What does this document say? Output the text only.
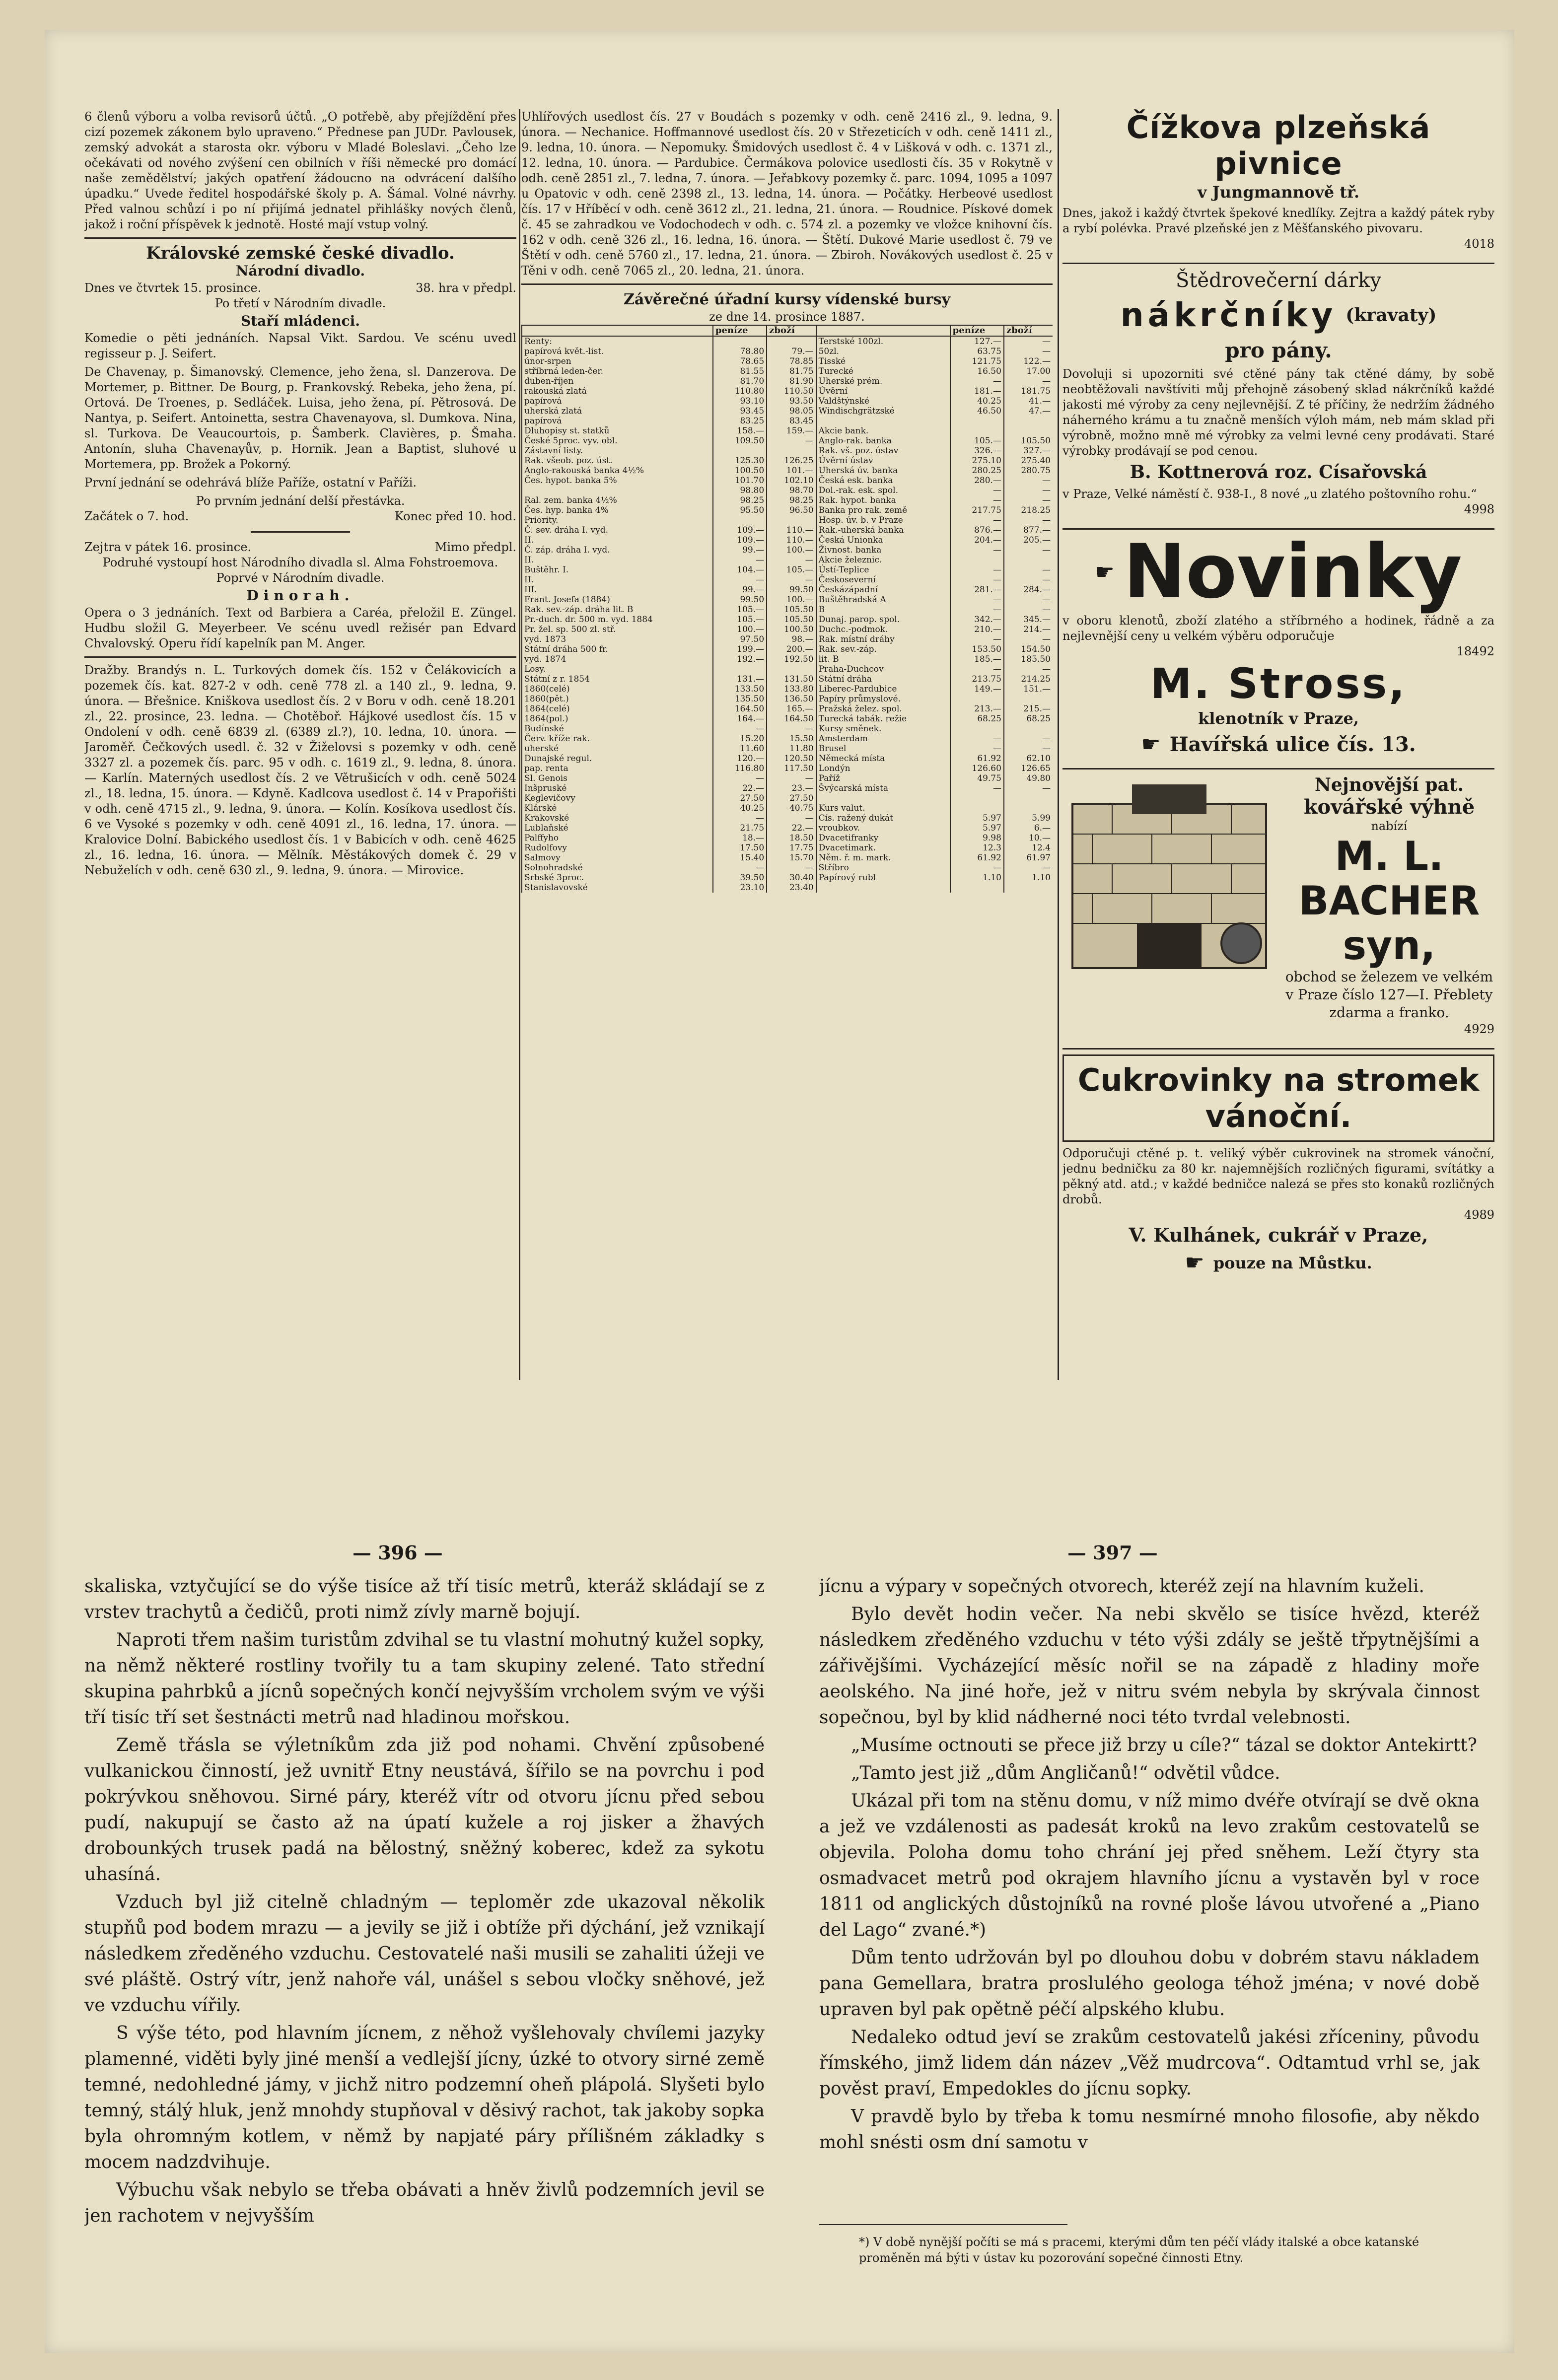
6 členů výboru a volba revisorů účtů. „O potřebě, aby přejíždění přes cizí pozemek zákonem bylo upraveno.“ Přednese pan JUDr. Pavlousek, zemský advokát a starosta okr. výboru v Mladé Boleslavi. „Čeho lze očekávati od nového zvýšení cen obilních v říši německé pro domácí naše zemědělství; jakých opatření žádoucno na odvrácení dalšího úpadku.“ Uvede ředitel hospodářské školy p. A. Šámal. Volné návrhy. Před valnou schůzí i po ní přijímá jednatel přihlášky nových členů, jakož i roční příspěvek k jednotě. Hosté mají vstup volný.

Královské zemské české divadlo.
Národní divadlo.
Dnes ve čtvrtek 15. prosince.	38. hra v předpl.
Po třetí v Národním divadle.
Staří mládenci.

Komedie o pěti jednáních. Napsal Vikt. Sardou. Ve scénu uvedl regisseur p. J. Seifert.

De Chavenay, p. Šimanovský. Clemence, jeho žena, sl. Danzerova. De Mortemer, p. Bittner. De Bourg, p. Frankovský. Rebeka, jeho žena, pí. Ortová. De Troenes, p. Sedláček. Luisa, jeho žena, pí. Pětrosová. De Nantya, p. Seifert. Antoinetta, sestra Chavenayova, sl. Dumkova. Nina, sl. Turkova. De Veaucourtois, p. Šamberk. Clavières, p. Šmaha. Antonín, sluha Chavenayův, p. Hornik. Jean a Baptist, sluhové u Mortemera, pp. Brožek a Pokorný.

První jednání se odehrává blíže Paříže, ostatní v Paříži.

Po prvním jednání delší přestávka.
Začátek o 7. hod.	Konec před 10. hod.
Zejtra v pátek 16. prosince.	Mimo předpl.
Podruhé vystoupí host Národního divadla sl. Alma Fohstroemova.
Poprvé v Národním divadle.
Dinorah.

Opera o 3 jednáních. Text od Barbiera a Caréa, přeložil E. Züngel. Hudbu složil G. Meyerbeer. Ve scénu uvedl režisér pan Edvard Chvalovský. Operu řídí kapelník pan M. Anger.

Dražby. Brandýs n. L. Turkových domek čís. 152 v Čelákovicích a pozemek čís. kat. 827-2 v odh. ceně 778 zl. a 140 zl., 9. ledna, 9. února. — Břešnice. Kniškova usedlost čís. 2 v Boru v odh. ceně 18.201 zl., 22. prosince, 23. ledna. — Chotěboř. Hájkové usedlost čís. 15 v Ondolení v odh. ceně 6839 zl. (6389 zl.?), 10. ledna, 10. února. — Jaroměř. Čečkových usedl. č. 32 v Žiželovsi s pozemky v odh. ceně 3327 zl. a pozemek čís. parc. 95 v odh. c. 1619 zl., 9. ledna, 8. února. — Karlín. Materných usedlost čís. 2 ve Větrušicích v odh. ceně 5024 zl., 18. ledna, 15. února. — Kdyně. Kadlcova usedlost č. 14 v Prapořišti v odh. ceně 4715 zl., 9. ledna, 9. února. — Kolín. Kosíkova usedlost čís. 6 ve Vysoké s pozemky v odh. ceně 4091 zl., 16. ledna, 17. února. — Kralovice Dolní. Babického usedlost čís. 1 v Babicích v odh. ceně 4625 zl., 16. ledna, 16. února. — Mělník. Městákových domek č. 29 v Nebuželích v odh. ceně 630 zl., 9. ledna, 9. února. — Mirovice.

Uhlířových usedlost čís. 27 v Boudách s pozemky v odh. ceně 2416 zl., 9. ledna, 9. února. — Nechanice. Hoffmannové usedlost čís. 20 v Střezeticích v odh. ceně 1411 zl., 9. ledna, 10. února. — Nepomuky. Šmidových usedlost č. 4 v Lišková v odh. c. 1371 zl., 12. ledna, 10. února. — Pardubice. Čermákova polovice usedlosti čís. 35 v Rokytně v odh. ceně 2851 zl., 7. ledna, 7. února. — Jeřabkovy pozemky č. parc. 1094, 1095 a 1097 u Opatovic v odh. ceně 2398 zl., 13. ledna, 14. února. — Počátky. Herbeové usedlost čís. 17 v Hříběcí v odh. ceně 3612 zl., 21. ledna, 21. února. — Roudnice. Pískové domek č. 45 se zahradkou ve Vodochodech v odh. c. 574 zl. a pozemky ve vložce knihovní čís. 162 v odh. ceně 326 zl., 16. ledna, 16. února. — Štětí. Dukové Marie usedlost č. 79 ve Štětí v odh. ceně 5760 zl., 17. ledna, 21. února. — Zbiroh. Novákových usedlost č. 25 v Těni v odh. ceně 7065 zl., 20. ledna, 21. února.

Závěrečné úřadní kursy vídenské bursy
ze dne 14. prosince 1887.
	peníze	zboží		peníze	zboží
Renty:			Terstské 100zl.	127.—	—
papírová květ.-list.	78.80	79.—	50zl.	63.75	—
únor-srpen	78.65	78.85	Tisské	121.75	122.—
stříbrná leden-čer.	81.55	81.75	Turecké	16.50	17.00
duben-říjen	81.70	81.90	Uherské prém.	—	—
rakouská zlatá	110.80	110.50	Úvěrní	181.—	181.75
papírová	93.10	93.50	Valdštýnské	40.25	41.—
uherská zlatá	93.45	98.05	Windischgrätzské	46.50	47.—
papírová	83.25	83.45			
Dluhopisy st. statků	158.—	159.—	Akcie bank.		
České 5proc. vyv. obl.	109.50	—	Anglo-rak. banka	105.—	105.50
Zástavní listy.			Rak. vš. poz. ústav	326.—	327.—
Rak. všeob. poz. úst.	125.30	126.25	Úvěrní ústav	275.10	275.40
Anglo-rakouská banka 4½%	100.50	101.—	Uherská úv. banka	280.25	280.75
Čes. hypot. banka 5%	101.70	102.10	Česká esk. banka	280.—	—
	98.80	98.70	Dol.-rak. esk. spol.	—	—
Ral. zem. banka 4½%	98.25	98.25	Rak. hypot. banka	—	—
Čes. hyp. banka 4%	95.50	96.50	Banka pro rak. země	217.75	218.25
Priority.			Hosp. úv. b. v Praze	—	—
Č. sev. dráha I. vyd.	109.—	110.—	Rak.-uherská banka	876.—	877.—
II.	109.—	110.—	Česká Unionka	204.—	205.—
Č. záp. dráha I. vyd.	99.—	100.—	Živnost. banka	—	—
II.	—	—	Akcie železnic.		
Buštěhr. I.	104.—	105.—	Ústí-Teplice	—	—
II.	—	—	Českoseverní	—	—
III.	99.—	99.50	Českázápadní	281.—	284.—
Frant. Josefa (1884)	99.50	100.—	Buštěhradská A	—	—
Rak. sev.-záp. dráha lit. B	105.—	105.50	B	—	—
Pr.-duch. dr. 500 m. vyd. 1884	105.—	105.50	Dunaj. parop. spol.	342.—	345.—
Pr. žel. sp. 500 zl. stř.	100.—	100.50	Duchc.-podmok.	210.—	214.—
vyd. 1873	97.50	98.—	Rak. místní dráhy	—	—
Státní dráha 500 fr.	199.—	200.—	Rak. sev.-záp.	153.50	154.50
vyd. 1874	192.—	192.50	lit. B	185.—	185.50
Losy.			Praha-Duchcov	—	—
Státní z r. 1854	131.—	131.50	Státní dráha	213.75	214.25
1860(celé)	133.50	133.80	Liberec-Pardubice	149.—	151.—
1860(pět.)	135.50	136.50	Papíry průmyslové.		
1864(celé)	164.50	165.—	Pražská želez. spol.	213.—	215.—
1864(pol.)	164.—	164.50	Turecká tabák. režie	68.25	68.25
Budínské	—	—	Kursy směnek.		
Červ. kříže rak.	15.20	15.50	Amsterdam	—	—
uherské	11.60	11.80	Brusel	—	—
Dunajské regul.	120.—	120.50	Německá místa	61.92	62.10
pap. renta	116.80	117.50	Londýn	126.60	126.65
Sl. Genois	—	—	Paříž	49.75	49.80
Inšpruské	22.—	23.—	Švýcarská místa	—	—
Keglevičovy	27.50	27.50			
Klárské	40.25	40.75	Kurs valut.		
Krakovské	—	—	Cís. ražený dukát	5.97	5.99
Lublaňské	21.75	22.—	vroubkov.	5.97	6.—
Palffyho	18.—	18.50	Dvacetifranky	9.98	10.—
Rudolfovy	17.50	17.75	Dvacetimark.	12.3	12.4
Salmovy	15.40	15.70	Něm. ř. m. mark.	61.92	61.97
Solnohradské	—	—	Stříbro	—	—
Srbské 3proc.	39.50	30.40	Papírový rubl	1.10	1.10
Stanislavovské	23.10	23.40			
Čížkova plzeňská pivnice
v Jungmannově tř.
Dnes, jakož i každý čtvrtek špekové knedlíky. Zejtra a každý pátek ryby a rybí polévka. Pravé plzeňské jen z Měšťanského pivovaru.
4018
Štědrovečerní dárky
nákrčníky (kravaty)
pro pány.
Dovoluji si upozorniti své ctěné pány tak ctěné dámy, by sobě neobtěžovali navštíviti můj přehojně zásobený sklad nákrčníků každé jakosti mé výroby za ceny nejlevnější. Z té příčiny, že nedržím žádného náherného krámu a tu značně menších výloh mám, neb mám sklad při výrobně, možno mně mé výrobky za velmi levné ceny prodávati. Staré výrobky prodávají se pod cenou.
B. Kottnerová roz. Císařovská
v Praze, Velké náměstí č. 938-I., 8 nové „u zlatého poštovního rohu.“
4998
☛ Novinky
v oboru klenotů, zboží zlatého a stříbrného a hodinek, řádně a za nejlevnější ceny u velkém výběru odporučuje
18492
M. Stross,
klenotník v Praze,
☛ Havířská ulice čís. 13.
Nejnovější pat.
kovářské výhně
nabízí
M. L. BACHER syn,
obchod se železem ve velkém v Praze číslo 127—I. Přeblety zdarma a franko.
4929
Cukrovinky na stromek vánoční.
Odporučuji ctěné p. t. veliký výběr cukrovinek na stromek vánoční, jednu bedničku za 80 kr. najemnějších rozličných figurami, svítátky a pěkný atd. atd.; v každé bedničce nalezá se přes sto konaků rozličných drobů.
4989
V. Kulhánek, cukrář v Praze,
☛ pouze na Můstku.
— 396 —	— 397 —

skaliska, vztyčující se do výše tisíce až tří tisíc metrů, kteráž skládají se z vrstev trachytů a čedičů, proti nimž zívly marně bojují.

Naproti třem našim turistům zdvihal se tu vlastní mohutný kužel sopky, na němž některé rostliny tvořily tu a tam skupiny zelené. Tato střední skupina pahrbků a jícnů sopečných končí nejvyšším vrcholem svým ve výši tří tisíc tří set šestnácti metrů nad hladinou mořskou.

Země třásla se výletníkům zda již pod nohami. Chvění způsobené vulkanickou činností, jež uvnitř Etny neustává, šířilo se na povrchu i pod pokrývkou sněhovou. Sirné páry, kteréž vítr od otvoru jícnu před sebou pudí, nakupují se často až na úpatí kužele a roj jisker a žhavých drobounkých trusek padá na bělostný, sněžný koberec, kdež za sykotu uhasíná.

Vzduch byl již citelně chladným — teploměr zde ukazoval několik stupňů pod bodem mrazu — a jevily se již i obtíže při dýchání, jež vznikají následkem zředěného vzduchu. Cestovatelé naši musili se zahaliti úžeji ve své pláště. Ostrý vítr, jenž nahoře vál, unášel s sebou vločky sněhové, jež ve vzduchu vířily.

S výše této, pod hlavním jícnem, z něhož vyšlehovaly chvílemi jazyky plamenné, viděti byly jiné menší a vedlejší jícny, úzké to otvory sirné země temné, nedohledné jámy, v jichž nitro podzemní oheň plápolá. Slyšeti bylo temný, stálý hluk, jenž mnohdy stupňoval v děsivý rachot, tak jakoby sopka byla ohromným kotlem, v němž by napjaté páry přílišném základky s mocem nadzdvihuje.

Výbuchu však nebylo se třeba obávati a hněv živlů podzemních jevil se jen rachotem v nejvyšším

jícnu a výpary v sopečných otvorech, kteréž zejí na hlavním kuželi.

Bylo devět hodin večer. Na nebi skvělo se tisíce hvězd, kteréž následkem zředěného vzduchu v této výši zdály se ještě třpytnějšími a zářivějšími. Vycházející měsíc nořil se na západě z hladiny moře aeolského. Na jiné hoře, jež v nitru svém nebyla by skrývala činnost sopečnou, byl by klid nádherné noci této tvrdal velebnosti.

„Musíme octnouti se přece již brzy u cíle?“ tázal se doktor Antekirtt?

„Tamto jest již „dům Angličanů!“ odvětil vůdce.

Ukázal při tom na stěnu domu, v níž mimo dvéře otvírají se dvě okna a jež ve vzdálenosti as padesát kroků na levo zrakům cestovatelů se objevila. Poloha domu toho chrání jej před sněhem. Leží čtyry sta osmadvacet metrů pod okrajem hlavního jícnu a vystavěn byl v roce 1811 od anglických důstojníků na rovné ploše lávou utvořené a „Piano del Lago“ zvané.*)

Dům tento udržován byl po dlouhou dobu v dobrém stavu nákladem pana Gemellara, bratra proslulého geologa téhož jména; v nové době upraven byl pak opětně péčí alpského klubu.

Nedaleko odtud jeví se zrakům cestovatelů jakési zříceniny, původu římského, jimž lidem dán název „Věž mudrcova“. Odtamtud vrhl se, jak pověst praví, Empedokles do jícnu sopky.

V pravdě bylo by třeba k tomu nesmírné mnoho filosofie, aby někdo mohl snésti osm dní samotu v

*) V době nynější počíti se má s pracemi, kterými dům ten péčí vlády italské a obce katanské proměněn má býti v ústav ku pozorování sopečné činnosti Etny.
